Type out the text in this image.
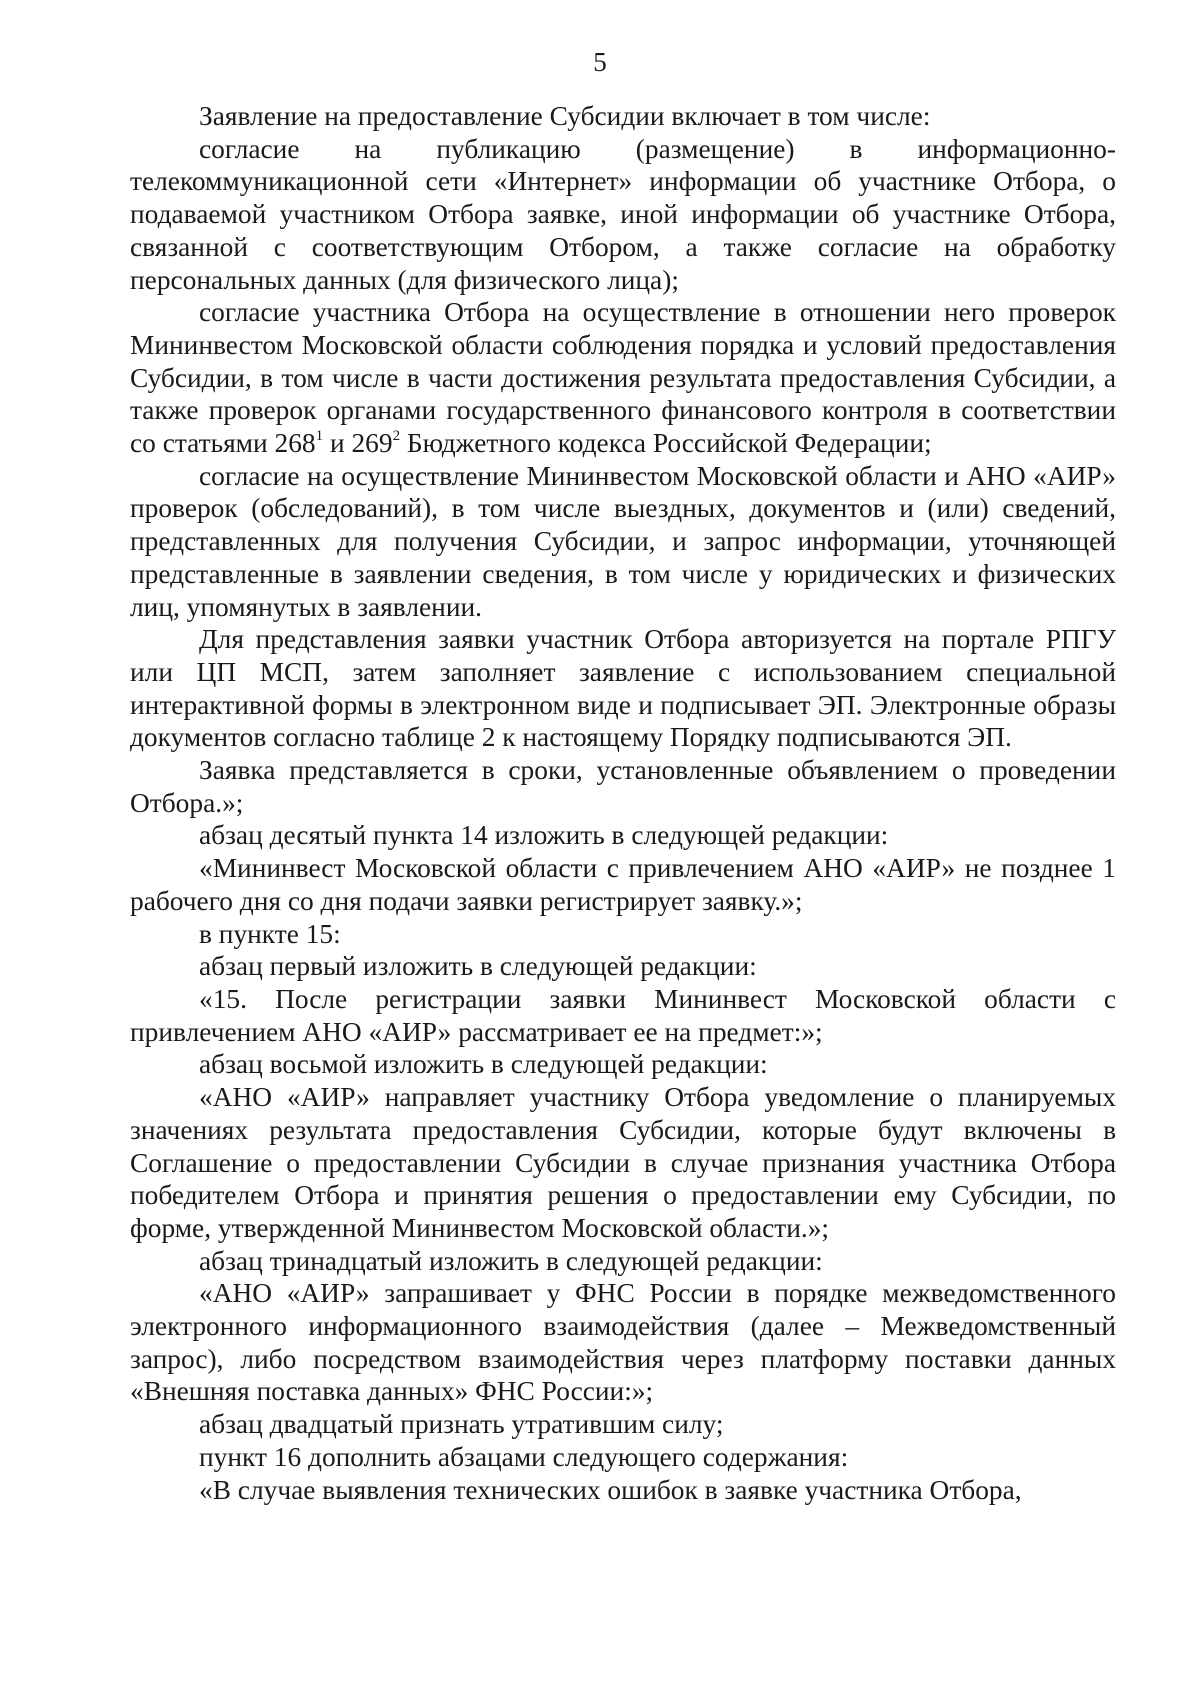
5

Заявление на предоставление Субсидии включает в том числе:

согласие на публикацию (размещение) в информационно-телекоммуникационной сети «Интернет» информации об участнике Отбора, о подаваемой участником Отбора заявке, иной информации об участнике Отбора, связанной с соответствующим Отбором, а также согласие на обработку персональных данных (для физического лица);

согласие участника Отбора на осуществление в отношении него проверок Мининвестом Московской области соблюдения порядка и условий предоставления Субсидии, в том числе в части достижения результата предоставления Субсидии, а также проверок органами государственного финансового контроля в соответствии со статьями $268^1$ и $269^2$ Бюджетного кодекса Российской Федерации;

согласие на осуществление Мининвестом Московской области и АНО «АИР» проверок (обследований), в том числе выездных, документов и (или) сведений, представленных для получения Субсидии, и запрос информации, уточняющей представленные в заявлении сведения, в том числе у юридических и физических лиц, упомянутых в заявлении.

Для представления заявки участник Отбора авторизуется на портале РПГУ или ЦП МСП, затем заполняет заявление с использованием специальной интерактивной формы в электронном виде и подписывает ЭП. Электронные образы документов согласно таблице 2 к настоящему Порядку подписываются ЭП.

Заявка представляется в сроки, установленные объявлением о проведении Отбора.»;

абзац десятый пункта 14 изложить в следующей редакции:

«Мининвест Московской области с привлечением АНО «АИР» не позднее 1 рабочего дня со дня подачи заявки регистрирует заявку.»;

в пункте 15:

абзац первый изложить в следующей редакции:

«15. После регистрации заявки Мининвест Московской области с привлечением АНО «АИР» рассматривает ее на предмет:»;

абзац восьмой изложить в следующей редакции:

«АНО «АИР» направляет участнику Отбора уведомление о планируемых значениях результата предоставления Субсидии, которые будут включены в Соглашение о предоставлении Субсидии в случае признания участника Отбора победителем Отбора и принятия решения о предоставлении ему Субсидии, по форме, утвержденной Мининвестом Московской области.»;

абзац тринадцатый изложить в следующей редакции:

«АНО «АИР» запрашивает у ФНС России в порядке межведомственного электронного информационного взаимодействия (далее – Межведомственный запрос), либо посредством взаимодействия через платформу поставки данных «Внешняя поставка данных» ФНС России:»;

абзац двадцатый признать утратившим силу;

пункт 16 дополнить абзацами следующего содержания:

«В случае выявления технических ошибок в заявке участника Отбора,
